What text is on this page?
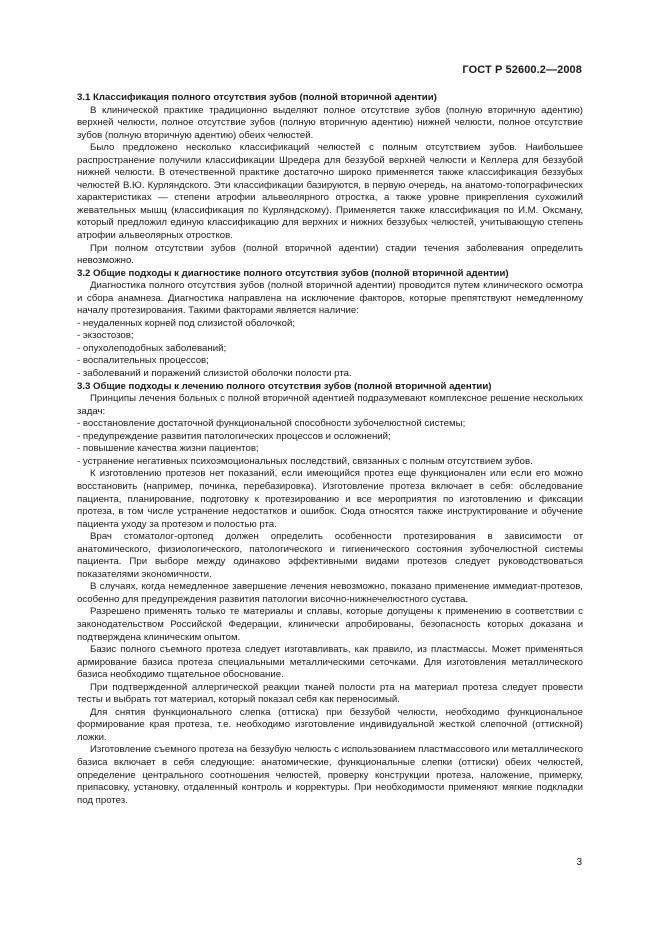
ГОСТ Р 52600.2—2008
3.1 Классификация полного отсутствия зубов (полной вторичной адентии)

В клинической практике традиционно выделяют полное отсутствие зубов (полную вторичную адентию) верхней челюсти, полное отсутствие зубов (полную вторичную адентию) нижней челюсти, полное отсутствие зубов (полную вторичную адентию) обеих челюстей.

Было предложено несколько классификаций челюстей с полным отсутствием зубов. Наибольшее распространение получили классификации Шредера для беззубой верхней челюсти и Келлера для беззубой нижней челюсти. В отечественной практике достаточно широко применяется также классификация беззубых челюстей В.Ю. Курляндского. Эти классификации базируются, в первую очередь, на анатомо-топографических характеристиках — степени атрофии альвеолярного отростка, а также уровне прикрепления сухожилий жевательных мышц (классификация по Курляндскому). Применяется также классификация по И.М. Оксману, который предложил единую классификацию для верхних и нижних беззубых челюстей, учитывающую степень атрофии альвеолярных отростков.

При полном отсутствии зубов (полной вторичной адентии) стадии течения заболевания определить невозможно.

3.2 Общие подходы к диагностике полного отсутствия зубов (полной вторичной адентии)

Диагностика полного отсутствия зубов (полной вторичной адентии) проводится путем клинического осмотра и сбора анамнеза. Диагностика направлена на исключение факторов, которые препятствуют немедленному началу протезирования. Такими факторами является наличие:

- неудаленных корней под слизистой оболочкой;

- экзостозов;

- опухолеподобных заболеваний;

- воспалительных процессов;

- заболеваний и поражений слизистой оболочки полости рта.

3.3 Общие подходы к лечению полного отсутствия зубов (полной вторичной адентии)

Принципы лечения больных с полной вторичной адентией подразумевают комплексное решение нескольких задач:

- восстановление достаточной функциональной способности зубочелюстной системы;

- предупреждение развития патологических процессов и осложнений;

- повышение качества жизни пациентов;

- устранение негативных психоэмоциональных последствий, связанных с полным отсутствием зубов.

К изготовлению протезов нет показаний, если имеющийся протез еще функционален или если его можно восстановить (например, починка, перебазировка). Изготовление протеза включает в себя: обследование пациента, планирование, подготовку к протезированию и все мероприятия по изготовлению и фиксации протеза, в том числе устранение недостатков и ошибок. Сюда относятся также инструктирование и обучение пациента уходу за протезом и полостью рта.

Врач стоматолог-ортопед должен определить особенности протезирования в зависимости от анатомического, физиологического, патологического и гигиенического состояния зубочелюстной системы пациента. При выборе между одинаково эффективными видами протезов следует руководствоваться показателями экономичности.

В случаях, когда немедленное завершение лечения невозможно, показано применение иммедиат-протезов, особенно для предупреждения развития патологии височно-нижнечелюстного сустава.

Разрешено применять только те материалы и сплавы, которые допущены к применению в соответствии с законодательством Российской Федерации, клинически апробированы, безопасность которых доказана и подтверждена клиническим опытом.

Базис полного съемного протеза следует изготавливать, как правило, из пластмассы. Может применяться армирование базиса протеза специальными металлическими сеточками. Для изготовления металлического базиса необходимо тщательное обоснование.

При подтвержденной аллергической реакции тканей полости рта на материал протеза следует провести тесты и выбрать тот материал, который показал себя как переносимый.

Для снятия функционального слепка (оттиска) при беззубой челюсти, необходимо функциональное формирование края протеза, т.е. необходимо изготовление индивидуальной жесткой слепочной (оттискной) ложки.

Изготовление съемного протеза на беззубую челюсть с использованием пластмассового или металлического базиса включает в себя следующие: анатомические, функциональные слепки (оттиски) обеих челюстей, определение центрального соотношения челюстей, проверку конструкции протеза, наложение, примерку, припасовку, установку, отдаленный контроль и корректуры. При необходимости применяют мягкие подкладки под протез.

3
